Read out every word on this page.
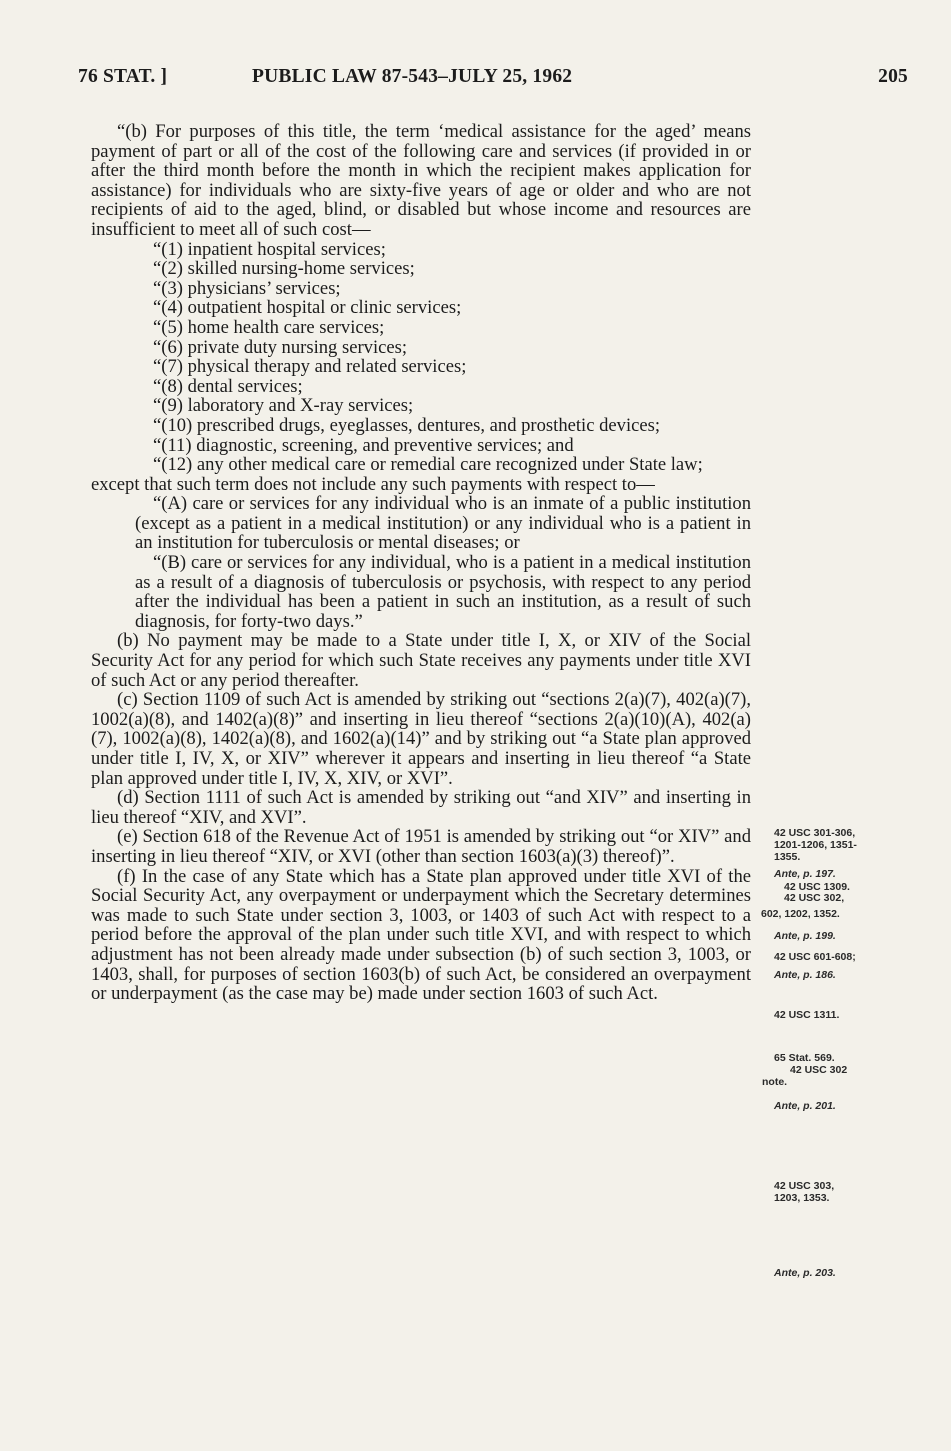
76 STAT. ]	PUBLIC LAW 87-543–JULY 25, 1962	205

“(b) For purposes of this title, the term ‘medical assistance for the aged’ means payment of part or all of the cost of the following care and services (if provided in or after the third month before the month in which the recipient makes application for assistance) for individuals who are sixty-five years of age or older and who are not recipients of aid to the aged, blind, or disabled but whose income and resources are insufficient to meet all of such cost—

“(1) inpatient hospital services;

“(2) skilled nursing-home services;

“(3) physicians’ services;

“(4) outpatient hospital or clinic services;

“(5) home health care services;

“(6) private duty nursing services;

“(7) physical therapy and related services;

“(8) dental services;

“(9) laboratory and X-ray services;

“(10) prescribed drugs, eyeglasses, dentures, and prosthetic devices;

“(11) diagnostic, screening, and preventive services; and

“(12) any other medical care or remedial care recognized under State law;

except that such term does not include any such payments with respect to—

“(A) care or services for any individual who is an inmate of a public institution (except as a patient in a medical institution) or any individual who is a patient in an institution for tuberculosis or mental diseases; or

“(B) care or services for any individual, who is a patient in a medical institution as a result of a diagnosis of tuberculosis or psychosis, with respect to any period after the individual has been a patient in such an institution, as a result of such diagnosis, for forty-two days.”

(b) No payment may be made to a State under title I, X, or XIV of the Social Security Act for any period for which such State receives any payments under title XVI of such Act or any period thereafter.

(c) Section 1109 of such Act is amended by striking out “sections 2(a)(7), 402(a)(7), 1002(a)(8), and 1402(a)(8)” and inserting in lieu thereof “sections 2(a)(10)(A), 402(a)(7), 1002(a)(8), 1402(a)(8), and 1602(a)(14)” and by striking out “a State plan approved under title I, IV, X, or XIV” wherever it appears and inserting in lieu thereof “a State plan approved under title I, IV, X, XIV, or XVI”.

(d) Section 1111 of such Act is amended by striking out “and XIV” and inserting in lieu thereof “XIV, and XVI”.

(e) Section 618 of the Revenue Act of 1951 is amended by striking out “or XIV” and inserting in lieu thereof “XIV, or XVI (other than section 1603(a)(3) thereof)”.

(f) In the case of any State which has a State plan approved under title XVI of the Social Security Act, any overpayment or underpayment which the Secretary determines was made to such State under section 3, 1003, or 1403 of such Act with respect to a period before the approval of the plan under such title XVI, and with respect to which adjustment has not been already made under subsection (b) of such section 3, 1003, or 1403, shall, for purposes of section 1603(b) of such Act, be considered an overpayment or underpayment (as the case may be) made under section 1603 of such Act.

42 USC 301-306,
1201-1206, 1351-
1355.
Ante, p. 197.
42 USC 1309.
42 USC 302,
602, 1202, 1352.
Ante, p. 199.
42 USC 601-608;
Ante, p. 186.
42 USC 1311.
65 Stat. 569.
42 USC 302
note.
Ante, p. 201.
42 USC 303,
1203, 1353.
Ante, p. 203.
